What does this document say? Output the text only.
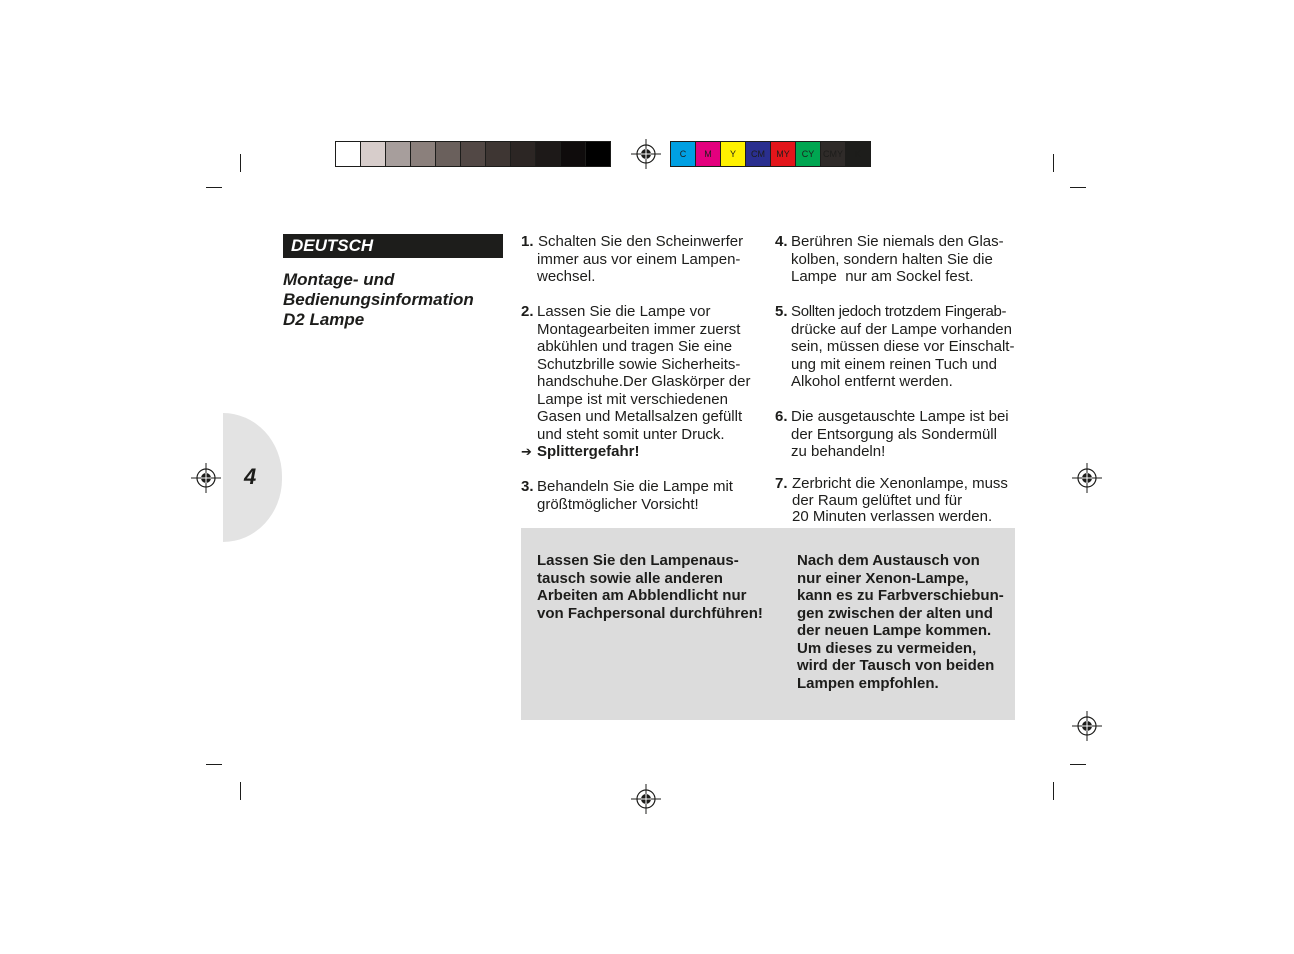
C	M	Y	CM	MY	CY CMY	K
DEUTSCH
Montage- und
Bedienungsinformation
D2 Lampe
4
1. Schalten Sie den Scheinwerfer
immer aus vor einem Lampen-
wechsel.
2. Lassen Sie die Lampe vor
Montagearbeiten immer zuerst
abkühlen und tragen Sie eine
Schutzbrille sowie Sicherheits-
handschuhe.Der Glaskörper der
Lampe ist mit verschiedenen
Gasen und Metallsalzen gefüllt
und steht somit unter Druck.
➔ Splittergefahr!
3. Behandeln Sie die Lampe mit
größtmöglicher Vorsicht!
4. Berühren Sie niemals den Glas-
kolben, sondern halten Sie die
Lampe  nur am Sockel fest.
5. Sollten jedoch trotzdem Fingerab-
drücke auf der Lampe vorhanden
sein, müssen diese vor Einschalt-
ung mit einem reinen Tuch und
Alkohol entfernt werden.
6. Die ausgetauschte Lampe ist bei
der Entsorgung als Sondermüll
zu behandeln!
7. Zerbricht die Xenonlampe, muss
der Raum gelüftet und für
20 Minuten verlassen werden.
Lassen Sie den Lampenaus-
tausch sowie alle anderen
Arbeiten am Abblendlicht nur
von Fachpersonal durchführen!
Nach dem Austausch von
nur einer Xenon-Lampe,
kann es zu Farbverschiebun-
gen zwischen der alten und
der neuen Lampe kommen.
Um dieses zu vermeiden,
wird der Tausch von beiden
Lampen empfohlen.
